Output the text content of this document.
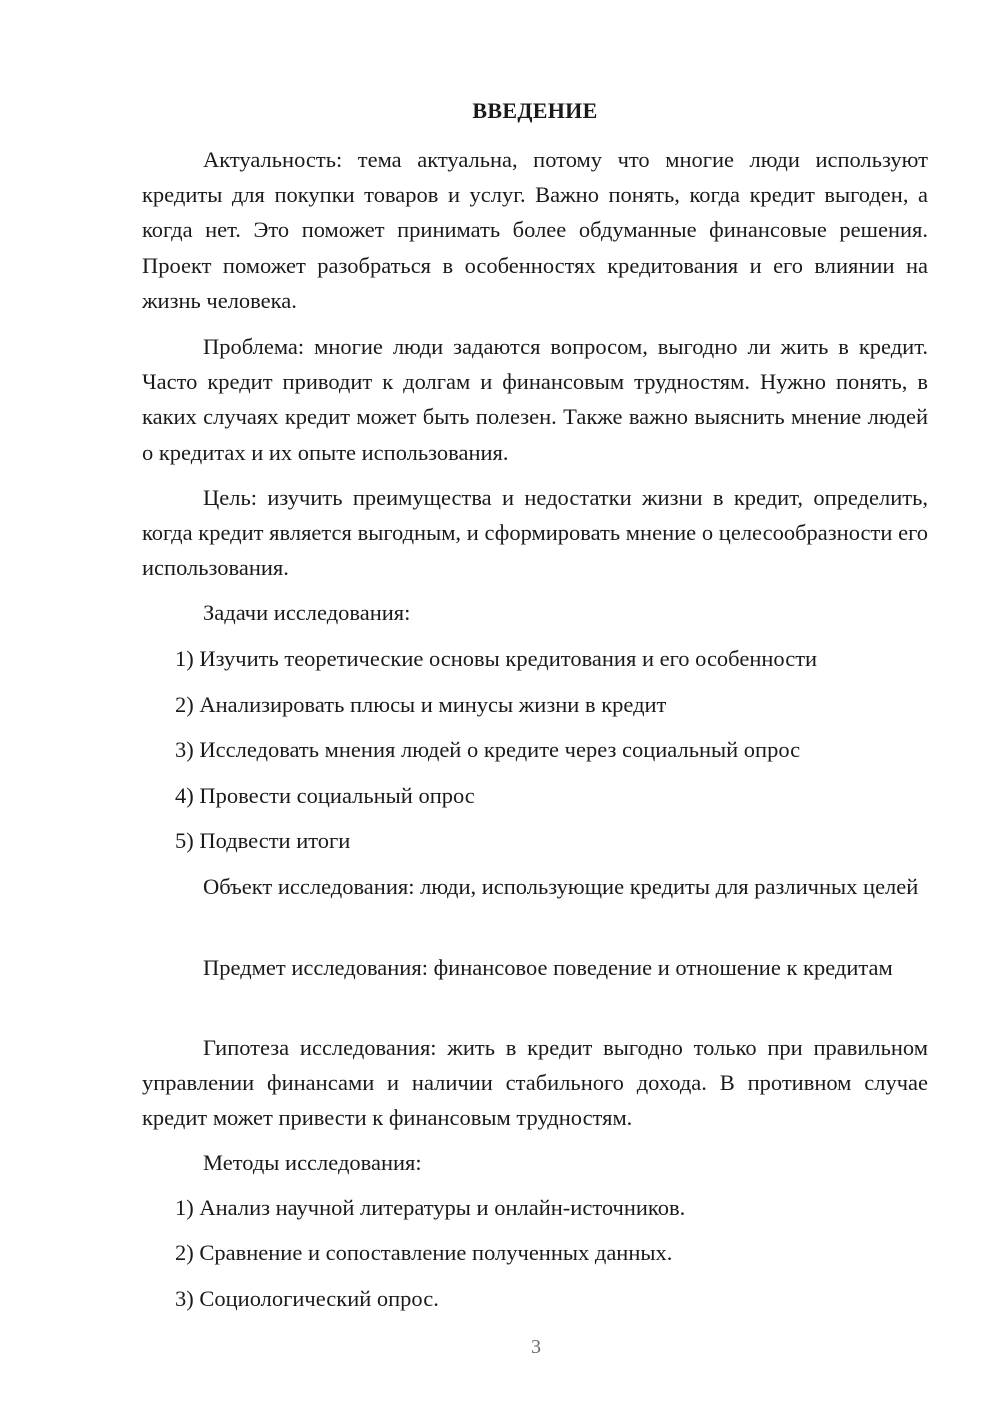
ВВЕДЕНИЕ

Актуальность: тема актуальна, потому что многие люди используют кредиты для покупки товаров и услуг. Важно понять, когда кредит выгоден, а когда нет. Это поможет принимать более обдуманные финансовые решения. Проект поможет разобраться в особенностях кредитования и его влиянии на жизнь человека.

Проблема: многие люди задаются вопросом, выгодно ли жить в кредит. Часто кредит приводит к долгам и финансовым трудностям. Нужно понять, в каких случаях кредит может быть полезен. Также важно выяснить мнение людей о кредитах и их опыте использования.

Цель: изучить преимущества и недостатки жизни в кредит, определить, когда кредит является выгодным, и сформировать мнение о целесообразности его использования.

Задачи исследования:

1) Изучить теоретические основы кредитования и его особенности

2) Анализировать плюсы и минусы жизни в кредит

3) Исследовать мнения людей о кредите через социальный опрос

4) Провести социальный опрос

5) Подвести итоги

Объект исследования: люди, использующие кредиты для различных целей

Предмет исследования: финансовое поведение и отношение к кредитам

Гипотеза исследования: жить в кредит выгодно только при правильном управлении финансами и наличии стабильного дохода. В противном случае кредит может привести к финансовым трудностям.

Методы исследования:

1) Анализ научной литературы и онлайн-источников.

2) Сравнение и сопоставление полученных данных.

3) Социологический опрос.

3
